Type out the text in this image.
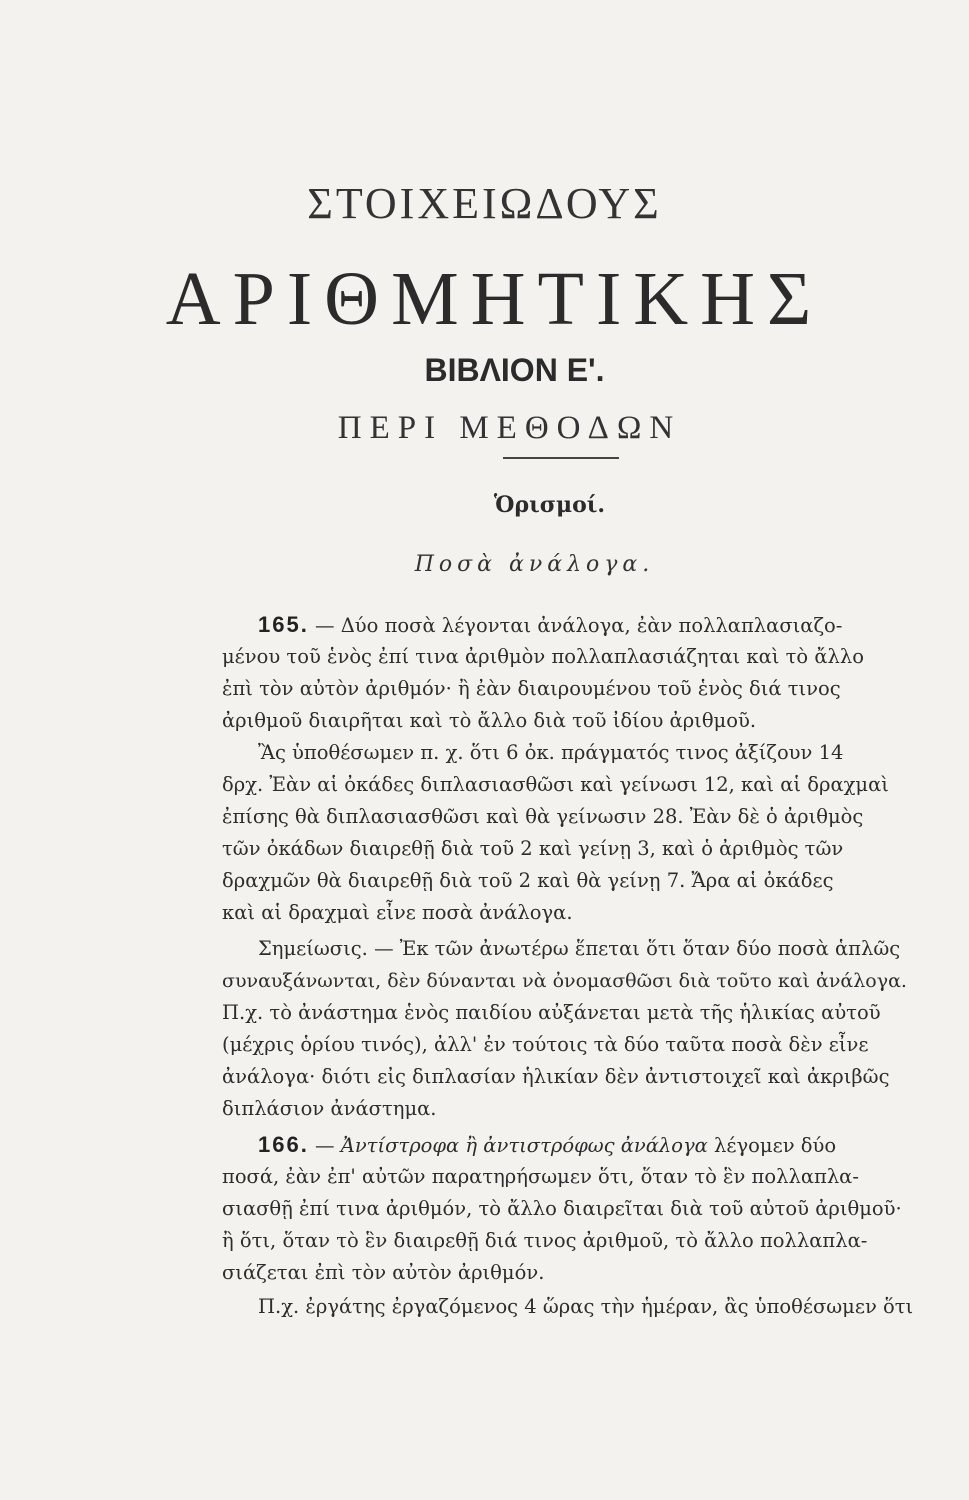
ΣΤΟΙΧΕΙΩΔΟΥΣ
ΑΡΙΘΜΗΤΙΚΗΣ
ΒΙΒΛΙΟΝ Ε'.
ΠΕΡΙ ΜΕΘΟΔΩΝ
Ὁρισμοί.
Ποσὰ ἀνάλογα.
165. — Δύο ποσὰ λέγονται ἀνάλογα, ἐὰν πολλαπλασιαζο-
μένου τοῦ ἑνὸς ἐπί τινα ἀριθμὸν πολλαπλασιάζηται καὶ τὸ ἄλλο
ἐπὶ τὸν αὐτὸν ἀριθμόν· ἢ ἐὰν διαιρουμένου τοῦ ἑνὸς διά τινος
ἀριθμοῦ διαιρῆται καὶ τὸ ἄλλο διὰ τοῦ ἰδίου ἀριθμοῦ.
Ἂς ὑποθέσωμεν π. χ. ὅτι 6 ὀκ. πράγματός τινος ἀξίζουν 14
δρχ. Ἐὰν αἱ ὀκάδες διπλασιασθῶσι καὶ γείνωσι 12, καὶ αἱ δραχμαὶ
ἐπίσης θὰ διπλασιασθῶσι καὶ θὰ γείνωσιν 28. Ἐὰν δὲ ὁ ἀριθμὸς
τῶν ὀκάδων διαιρεθῇ διὰ τοῦ 2 καὶ γείνῃ 3, καὶ ὁ ἀριθμὸς τῶν
δραχμῶν θὰ διαιρεθῇ διὰ τοῦ 2 καὶ θὰ γείνῃ 7. Ἄρα αἱ ὀκάδες
καὶ αἱ δραχμαὶ εἶνε ποσὰ ἀνάλογα.
Σημείωσις. — Ἐκ τῶν ἀνωτέρω ἕπεται ὅτι ὅταν δύο ποσὰ ἁπλῶς
συναυξάνωνται, δὲν δύνανται νὰ ὀνομασθῶσι διὰ τοῦτο καὶ ἀνάλογα.
Π.χ. τὸ ἀνάστημα ἑνὸς παιδίου αὐξάνεται μετὰ τῆς ἡλικίας αὐτοῦ
(μέχρις ὁρίου τινός), ἀλλ' ἐν τούτοις τὰ δύο ταῦτα ποσὰ δὲν εἶνε
ἀνάλογα· διότι εἰς διπλασίαν ἡλικίαν δὲν ἀντιστοιχεῖ καὶ ἀκριβῶς
διπλάσιον ἀνάστημα.
166. — Ἀντίστροφα ἢ ἀντιστρόφως ἀνάλογα λέγομεν δύο
ποσά, ἐὰν ἐπ' αὐτῶν παρατηρήσωμεν ὅτι, ὅταν τὸ ἓν πολλαπλα-
σιασθῇ ἐπί τινα ἀριθμόν, τὸ ἄλλο διαιρεῖται διὰ τοῦ αὐτοῦ ἀριθμοῦ·
ἢ ὅτι, ὅταν τὸ ἓν διαιρεθῇ διά τινος ἀριθμοῦ, τὸ ἄλλο πολλαπλα-
σιάζεται ἐπὶ τὸν αὐτὸν ἀριθμόν.
Π.χ. ἐργάτης ἐργαζόμενος 4 ὥρας τὴν ἡμέραν, ἂς ὑποθέσωμεν ὅτι
